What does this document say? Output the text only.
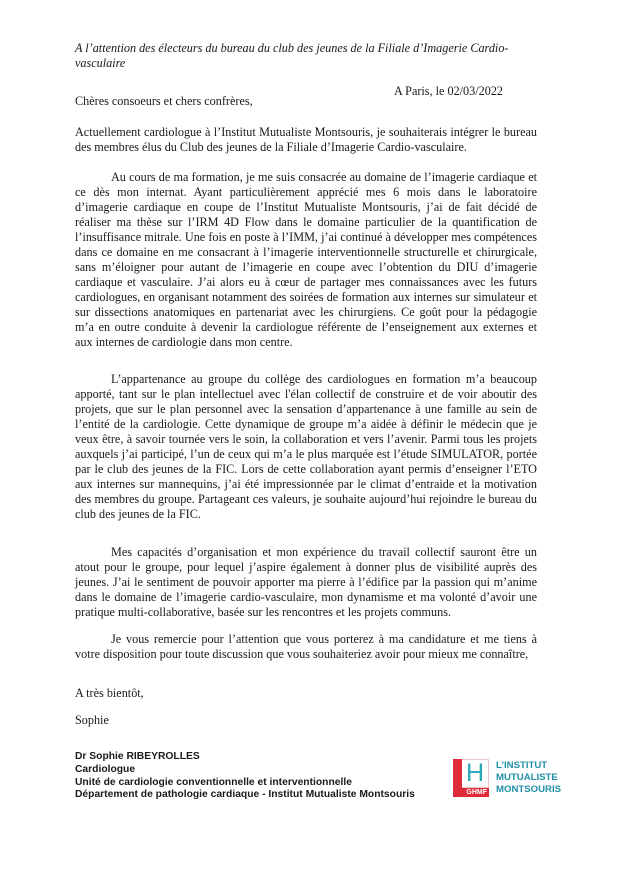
A l’attention des électeurs du bureau du club des jeunes de la Filiale d’Imagerie Cardio-vasculaire
A Paris, le 02/03/2022
Chères consoeurs et chers confrères,
Actuellement cardiologue à l’Institut Mutualiste Montsouris, je souhaiterais intégrer le bureau des membres élus du Club des jeunes de la Filiale d’Imagerie Cardio-vasculaire.
Au cours de ma formation, je me suis consacrée au domaine de l’imagerie cardiaque et ce dès mon internat. Ayant particulièrement apprécié mes 6 mois dans le laboratoire d’imagerie cardiaque en coupe de l’Institut Mutualiste Montsouris, j’ai de fait décidé de réaliser ma thèse sur l’IRM 4D Flow dans le domaine particulier de la quantification de l’insuffisance mitrale. Une fois en poste à l’IMM, j’ai continué à développer mes compétences dans ce domaine en me consacrant à l’imagerie interventionnelle structurelle et chirurgicale, sans m’éloigner pour autant de l’imagerie en coupe avec l’obtention du DIU d’imagerie cardiaque et vasculaire. J’ai alors eu à cœur de partager mes connaissances avec les futurs cardiologues, en organisant notamment des soirées de formation aux internes sur simulateur et sur dissections anatomiques en partenariat avec les chirurgiens. Ce goût pour la pédagogie m’a en outre conduite à devenir la cardiologue référente de l’enseignement aux externes et aux internes de cardiologie dans mon centre.
L’appartenance au groupe du collège des cardiologues en formation m’a beaucoup apporté, tant sur le plan intellectuel avec l'élan collectif de construire et de voir aboutir des projets, que sur le plan personnel avec la sensation d’appartenance à une famille au sein de l’entité de la cardiologie. Cette dynamique de groupe m’a aidée à définir le médecin que je veux être, à savoir tournée vers le soin, la collaboration et vers l’avenir. Parmi tous les projets auxquels j’ai participé, l’un de ceux qui m’a le plus marquée est l’étude SIMULATOR, portée par le club des jeunes de la FIC. Lors de cette collaboration ayant permis d’enseigner l’ETO aux internes sur mannequins, j’ai été impressionnée par le climat d’entraide et la motivation des membres du groupe. Partageant ces valeurs, je souhaite aujourd’hui rejoindre le bureau du club des jeunes de la FIC.
Mes capacités d’organisation et mon expérience du travail collectif sauront être un atout pour le groupe, pour lequel j’aspire également à donner plus de visibilité auprès des jeunes. J’ai le sentiment de pouvoir apporter ma pierre à l’édifice par la passion qui m’anime dans le domaine de l’imagerie cardio-vasculaire, mon dynamisme et ma volonté d’avoir une pratique multi-collaborative, basée sur les rencontres et les projets communs.
Je vous remercie pour l’attention que vous porterez à ma candidature et me tiens à votre disposition pour toute discussion que vous souhaiteriez avoir pour mieux me connaître,
A très bientôt,
Sophie
Dr Sophie RIBEYROLLES
Cardiologue
Unité de cardiologie conventionnelle et interventionnelle
Département de pathologie cardiaque - Institut Mutualiste Montsouris
H
GHMF
L’INSTITUT
MUTUALISTE
MONTSOURIS
